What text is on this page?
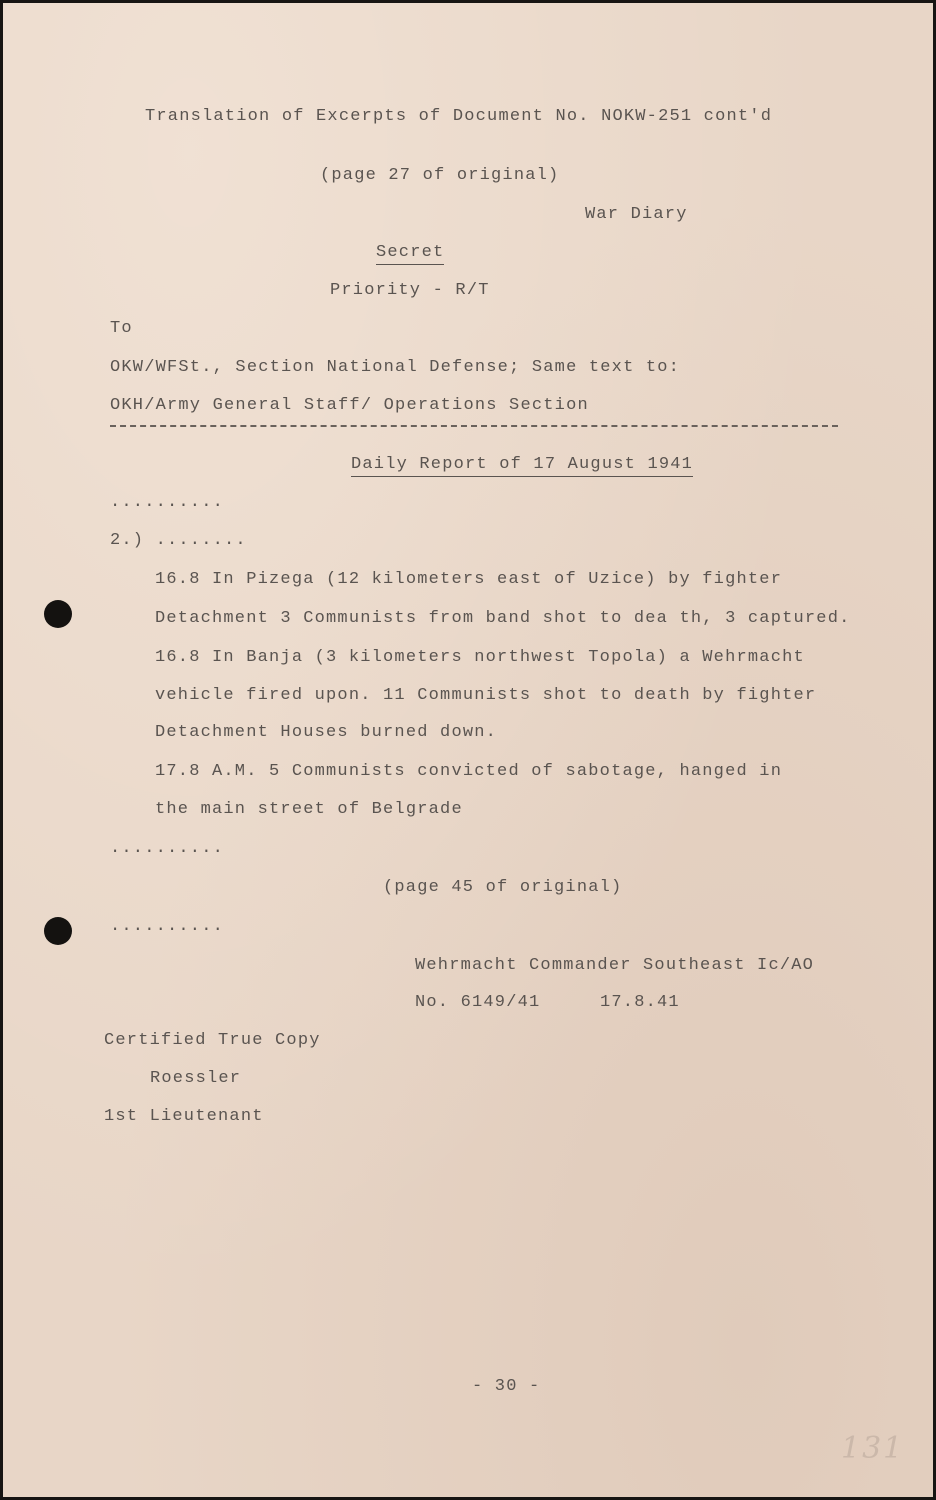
Translation of Excerpts of Document No. NOKW-251 cont'd
(page 27 of original)
War Diary
Secret
Priority - R/T
To
OKW/WFSt., Section National Defense; Same text to:
OKH/Army General Staff/ Operations Section
Daily Report of 17 August 1941
..........
2.) ........
16.8 In Pizega (12 kilometers east of Uzice) by fighter
Detachment 3 Communists from band shot to dea th, 3 captured.
16.8 In Banja (3 kilometers northwest Topola) a Wehrmacht
vehicle fired upon. 11 Communists shot to death by fighter
Detachment Houses burned down.
17.8 A.M. 5 Communists convicted of sabotage, hanged in
the main street of Belgrade
..........
(page 45 of original)
..........
Wehrmacht Commander Southeast Ic/AO
No. 6149/41	17.8.41
Certified True Copy
Roessler
1st Lieutenant
- 30 -
131
